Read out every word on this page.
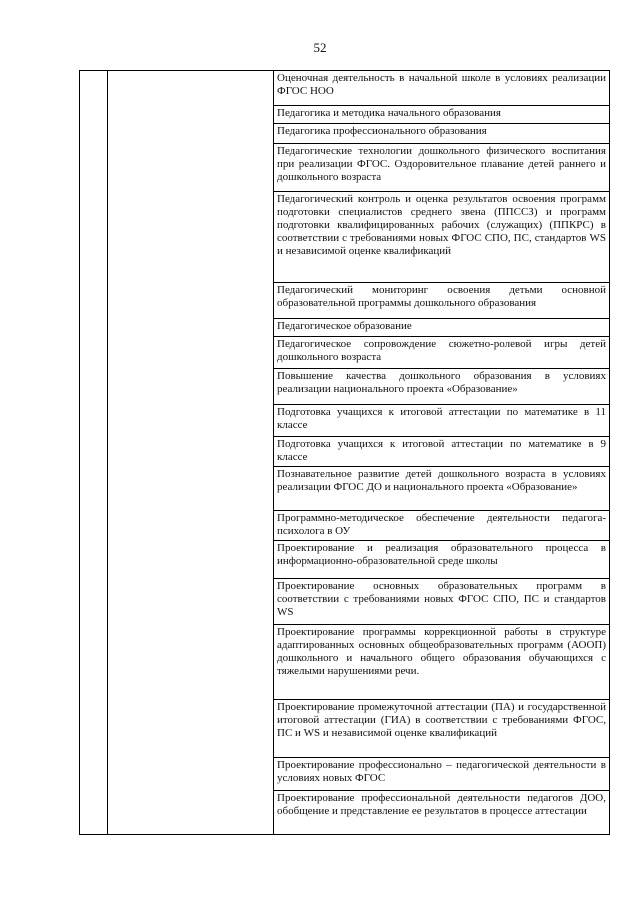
52
		Оценочная деятельность в начальной школе в условиях реализации ФГОС НОО
Педагогика и методика начального образования
Педагогика профессионального образования
Педагогические технологии дошкольного физического воспитания при реализации ФГОС. Оздоровительное плавание детей раннего и дошкольного возраста
Педагогический контроль и оценка результатов освоения программ подготовки специалистов среднего звена (ППССЗ) и программ подготовки квалифицированных рабочих (служащих) (ППКРС) в соответствии с требованиями новых ФГОС СПО, ПС, стандартов WS и независимой оценке квалификаций
Педагогический мониторинг освоения детьми основной образовательной программы дошкольного образования
Педагогическое образование
Педагогическое сопровождение сюжетно-ролевой игры детей дошкольного возраста
Повышение качества дошкольного образования в условиях реализации национального проекта «Образование»
Подготовка учащихся к итоговой аттестации по математике в 11 классе
Подготовка учащихся к итоговой аттестации по математике в 9 классе
Познавательное развитие детей дошкольного возраста в условиях реализации ФГОС ДО и национального проекта «Образование»
Программно-методическое обеспечение деятельности педагога-психолога в ОУ
Проектирование и реализация образовательного процесса в информационно-образовательной среде школы
Проектирование основных образовательных программ в соответствии с требованиями новых ФГОС СПО, ПС и стандартов WS
Проектирование программы коррекционной работы в структуре адаптированных основных общеобразовательных программ (АООП) дошкольного и начального общего образования обучающихся с тяжелыми нарушениями речи.
Проектирование промежуточной аттестации (ПА) и государственной итоговой аттестации (ГИА) в соответствии с требованиями ФГОС, ПС и WS и независимой оценке квалификаций
Проектирование профессионально – педагогической деятельности в условиях новых ФГОС
Проектирование профессиональной деятельности педагогов ДОО, обобщение и представление ее результатов в процессе аттестации
